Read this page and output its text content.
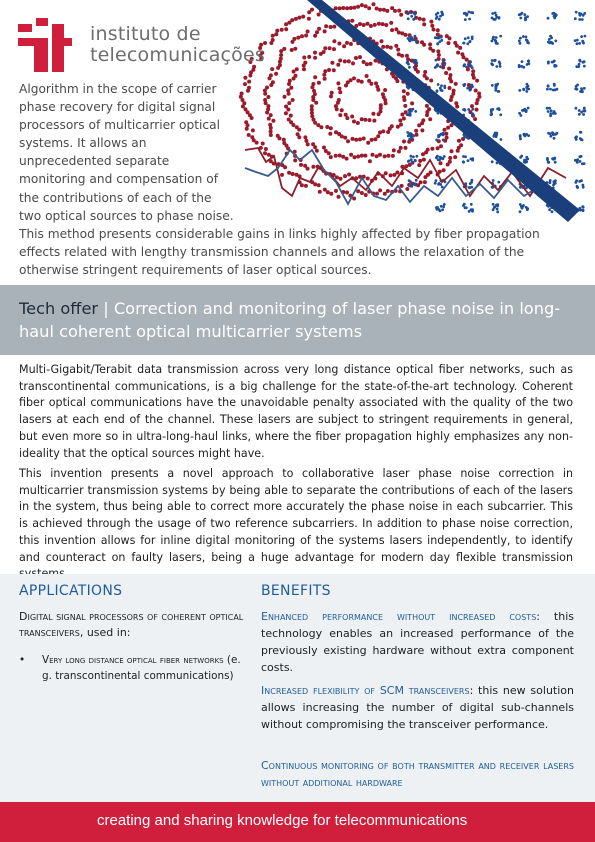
instituto de
telecomunicações
Algorithm in the scope of carrier
phase recovery for digital signal
processors of multicarrier optical
systems. It allows an
unprecedented separate
monitoring and compensation of
the contributions of each of the
two optical sources to phase noise.
This method presents considerable gains in links highly affected by fiber propagation effects related with lengthy transmission channels and allows the relaxation of the otherwise stringent requirements of laser optical sources.
Tech offer | Correction and monitoring of laser phase noise in long-haul coherent optical multicarrier systems
Multi-Gigabit/Terabit data transmission across very long distance optical fiber networks, such as transcontinental communications, is a big challenge for the state-of-the-art technology. Coherent fiber optical communications have the unavoidable penalty associated with the quality of the two lasers at each end of the channel. These lasers are subject to stringent requirements in general, but even more so in ultra-long-haul links, where the fiber propagation highly emphasizes any non-ideality that the optical sources might have.
This invention presents a novel approach to collaborative laser phase noise correction in multicarrier transmission systems by being able to separate the contributions of each of the lasers in the system, thus being able to correct more accurately the phase noise in each subcarrier. This is achieved through the usage of two reference subcarriers. In addition to phase noise correction, this invention allows for inline digital monitoring of the systems lasers independently, to identify and counteract on faulty lasers, being a huge advantage for modern day flexible transmission
APPLICATIONS	BENEFITS
Digital signal processors of coherent optical transceivers, used in:
• Very long distance optical fiber networks (e. g. transcontinental communications)
Enhanced performance without increased costs: this technology enables an increased performance of the previously existing hardware without extra component costs.
Increased flexibility of SCM transceivers: this new solution allows increasing the number of digital sub-channels without compromising the transceiver performance.
Continuous monitoring of both transmitter and receiver lasers without additional hardware
creating and sharing knowledge for telecommunications
